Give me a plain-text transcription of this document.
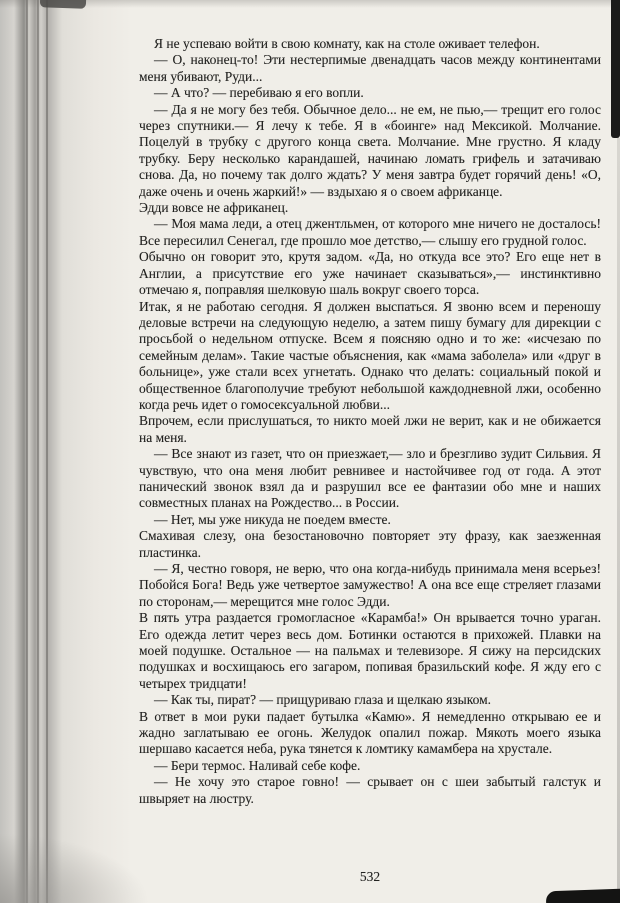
Я не успеваю войти в свою комнату, как на столе оживает телефон.

— О, наконец-то! Эти нестерпимые двенадцать часов между континентами меня убивают, Руди...

— А что? — перебиваю я его вопли.

— Да я не могу без тебя. Обычное дело... не ем, не пью,— трещит его голос через спутники.— Я лечу к тебе. Я в «боинге» над Мексикой. Молчание. Поцелуй в трубку с другого конца света. Молчание. Мне грустно. Я кладу трубку. Беру несколько карандашей, начинаю ломать грифель и затачиваю снова. Да, но почему так долго ждать? У меня завтра будет горячий день! «О, даже очень и очень жаркий!» — вздыхаю я о своем африканце.

Эдди вовсе не африканец.

— Моя мама леди, а отец джентльмен, от которого мне ничего не досталось! Все пересилил Сенегал, где прошло мое детство,— слышу его грудной голос.

Обычно он говорит это, крутя задом. «Да, но откуда все это? Его еще нет в Англии, а присутствие его уже начинает сказываться»,— инстинктивно отмечаю я, поправляя шелковую шаль вокруг своего торса.

Итак, я не работаю сегодня. Я должен выспаться. Я звоню всем и переношу деловые встречи на следующую неделю, а затем пишу бумагу для дирекции с просьбой о недельном отпуске. Всем я поясняю одно и то же: «исчезаю по семейным делам». Такие частые объяснения, как «мама заболела» или «друг в больнице», уже стали всех угнетать. Однако что делать: социальный покой и общественное благополучие требуют небольшой каждодневной лжи, особенно когда речь идет о гомосексуальной любви...

Впрочем, если прислушаться, то никто моей лжи не верит, как и не обижается на меня.

— Все знают из газет, что он приезжает,— зло и брезгливо зудит Сильвия. Я чувствую, что она меня любит ревнивее и настойчивее год от года. А этот панический звонок взял да и разрушил все ее фантазии обо мне и наших совместных планах на Рождество... в России.

— Нет, мы уже никуда не поедем вместе.

Смахивая слезу, она безостановочно повторяет эту фразу, как заезженная пластинка.

— Я, честно говоря, не верю, что она когда-нибудь принимала меня всерьез! Побойся Бога! Ведь уже четвертое замужество! А она все еще стреляет глазами по сторонам,— мерещится мне голос Эдди.

В пять утра раздается громогласное «Карамба!» Он врывается точно ураган. Его одежда летит через весь дом. Ботинки остаются в прихожей. Плавки на моей подушке. Остальное — на пальмах и телевизоре. Я сижу на персидских подушках и восхищаюсь его загаром, попивая бразильский кофе. Я жду его с четырех тридцати!

— Как ты, пират? — прищуриваю глаза и щелкаю языком.

В ответ в мои руки падает бутылка «Камю». Я немедленно открываю ее и жадно заглатываю ее огонь. Желудок опалил пожар. Мякоть моего языка шершаво касается неба, рука тянется к ломтику камамбера на хрустале.

— Бери термос. Наливай себе кофе.

— Не хочу это старое говно! — срывает он с шеи забытый галстук и швыряет на люстру.

532
